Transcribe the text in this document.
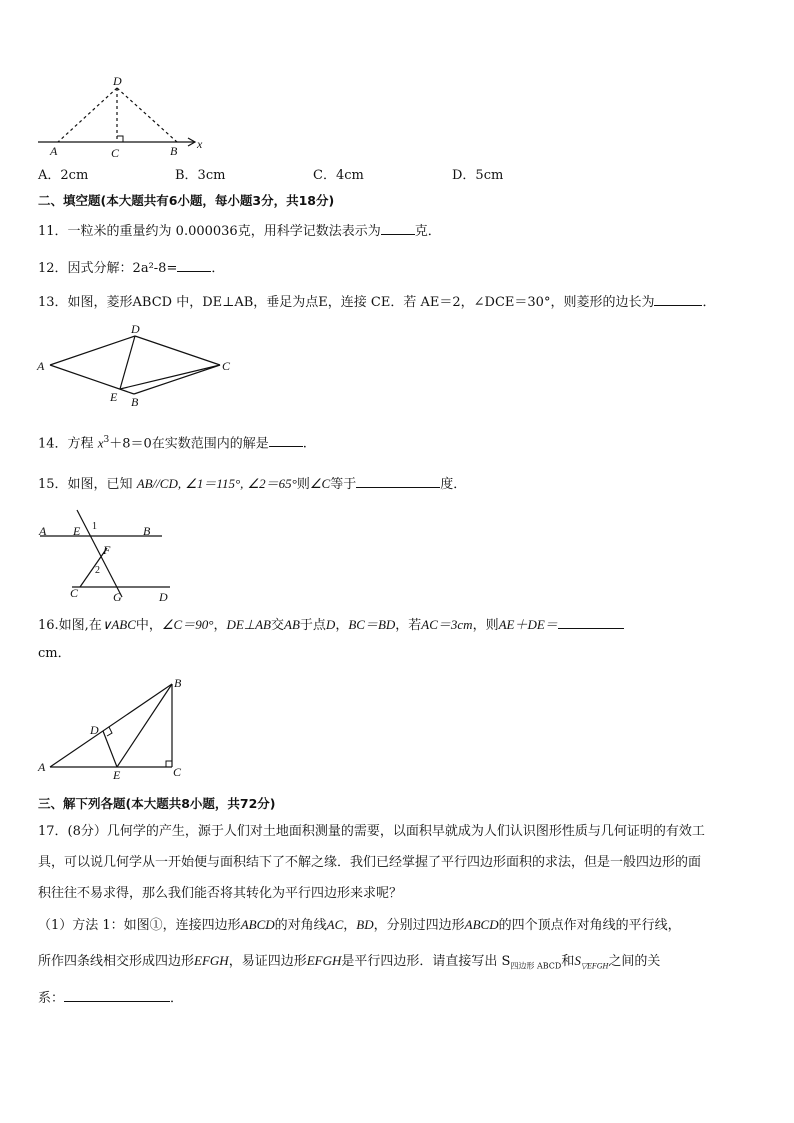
D
A	C	B x
A．2cm	B．3cm	C．4cm	D．5cm
二、填空题(本大题共有6小题，每小题3分，共18分)
11．一粒米的重量约为 0.000036克，用科学记数法表示为	克．
12．因式分解：2a²-8=	．
13．如图，菱形ABCD 中，DE⊥AB，垂足为点E，连接 CE．若 AE＝2，∠DCE＝30°，则菱形的边长为	．
A
D
C
E B
14．方程 $x^3+8=0$在实数范围内的解是	.
15．如图，已知 AB//CD, ∠1＝115°, ∠2＝65°则∠C等于	度．
A E 1	B
F
2
C	G	D
16.如图,在∨ABC中，∠C＝90°，DE⊥AB交AB于点D，BC＝BD，若AC＝3cm，则AE＋DE＝
cm．
B
D
A
E	C
三、解下列各题(本大题共8小题，共72分)
17．(8分）几何学的产生，源于人们对土地面积测量的需要，以面积早就成为人们认识图形性质与几何证明的有效工
具，可以说几何学从一开始便与面积结下了不解之缘．我们已经掌握了平行四边形面积的求法，但是一般四边形的面
积往往不易求得，那么我们能否将其转化为平行四边形来求呢？
（1）方法 1：如图①，连接四边形ABCD的对角线AC，BD，分别过四边形ABCD的四个顶点作对角线的平行线，
所作四条线相交形成四边形EFGH，易证四边形EFGH是平行四边形．请直接写出 $S_{四边形 ABCD}$和$S_{▽EFGH}$之间的关
系：	．
